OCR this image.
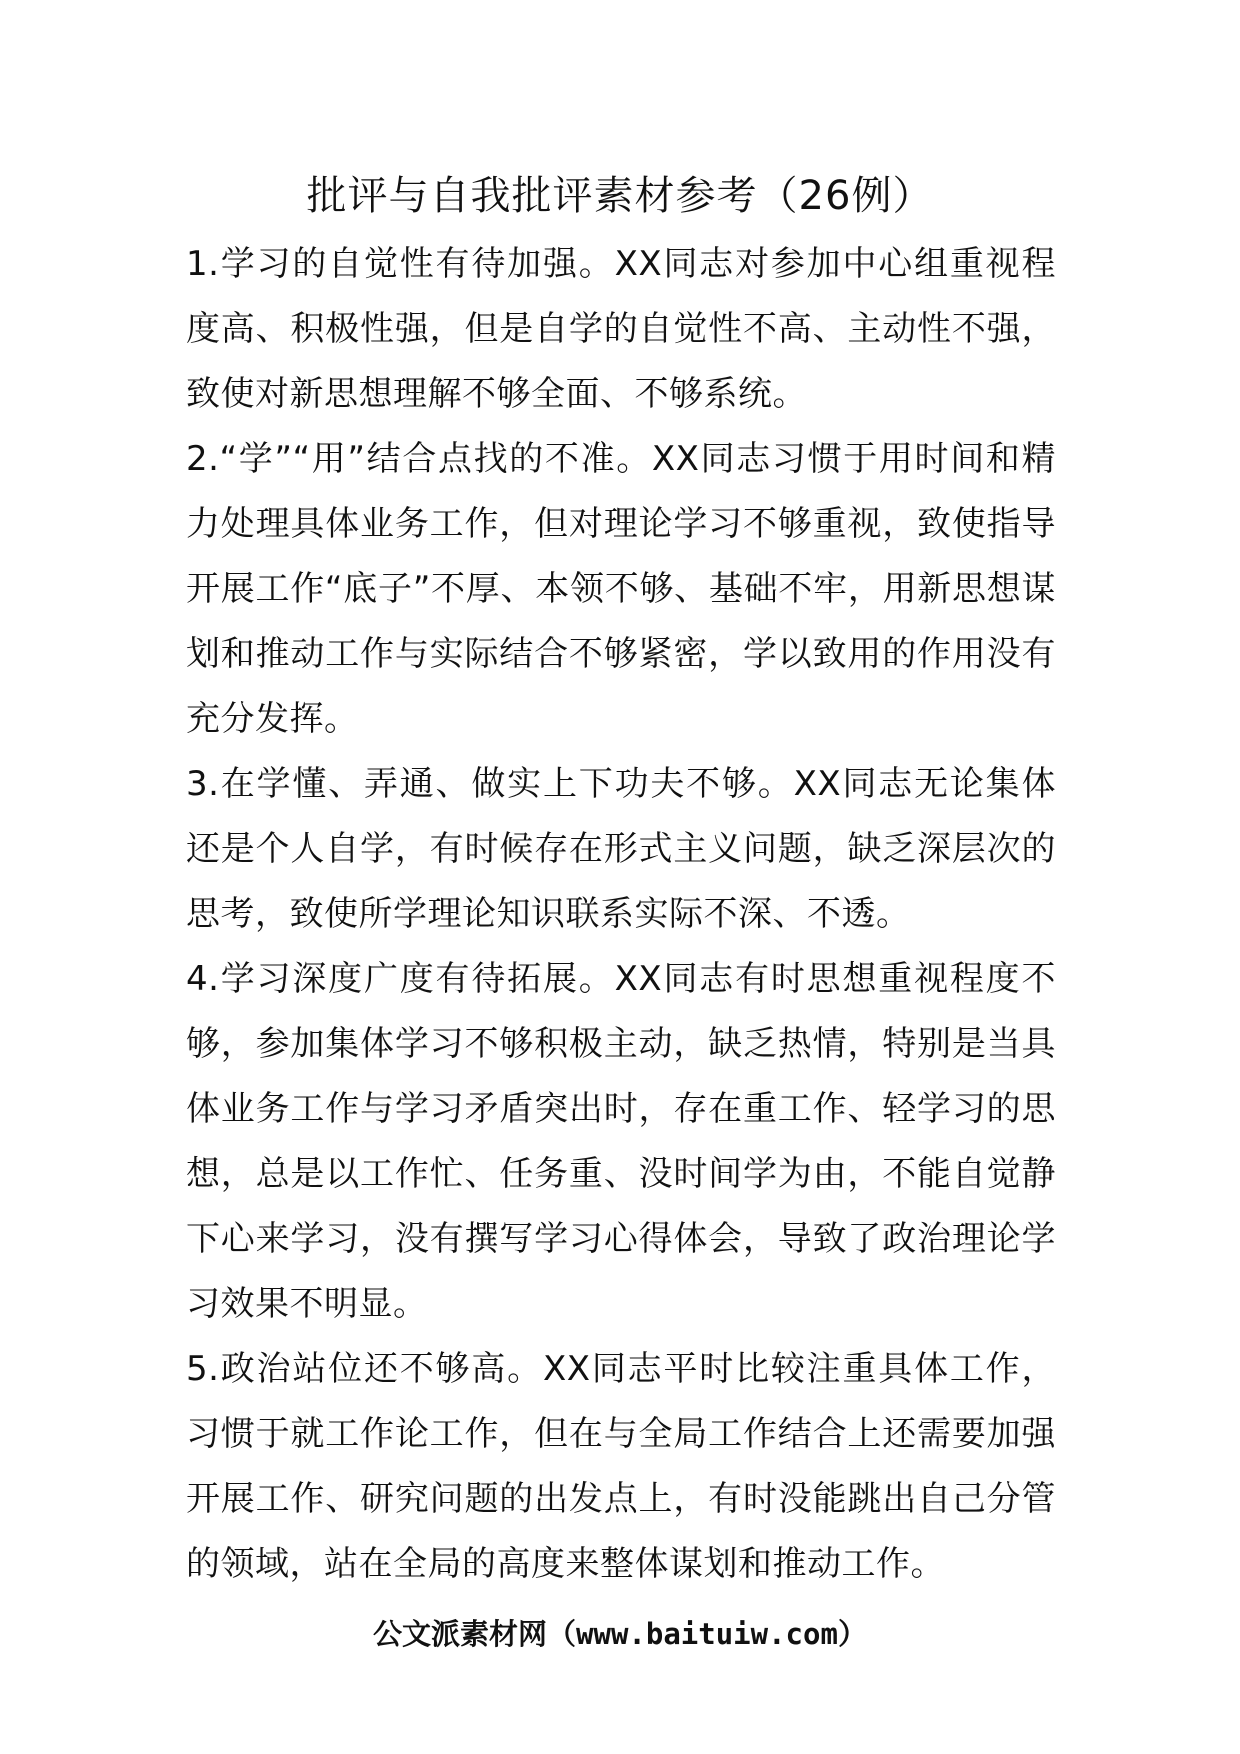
批评与自我批评素材参考（26例）

1.学习的自觉性有待加强。XX同志对参加中心组重视程度高、积极性强，但是自学的自觉性不高、主动性不强，致使对新思想理解不够全面、不够系统。

2.“学”“用”结合点找的不准。XX同志习惯于用时间和精力处理具体业务工作，但对理论学习不够重视，致使指导开展工作“底子”不厚、本领不够、基础不牢，用新思想谋划和推动工作与实际结合不够紧密，学以致用的作用没有充分发挥。

3.在学懂、弄通、做实上下功夫不够。XX同志无论集体还是个人自学，有时候存在形式主义问题，缺乏深层次的思考，致使所学理论知识联系实际不深、不透。

4.学习深度广度有待拓展。XX同志有时思想重视程度不够，参加集体学习不够积极主动，缺乏热情，特别是当具体业务工作与学习矛盾突出时，存在重工作、轻学习的思想，总是以工作忙、任务重、没时间学为由，不能自觉静下心来学习，没有撰写学习心得体会，导致了政治理论学习效果不明显。

5.政治站位还不够高。XX同志平时比较注重具体工作，习惯于就工作论工作，但在与全局工作结合上还需要加强开展工作、研究问题的出发点上，有时没能跳出自己分管的领域，站在全局的高度来整体谋划和推动工作。

公文派素材网（www.baituiw.com）
